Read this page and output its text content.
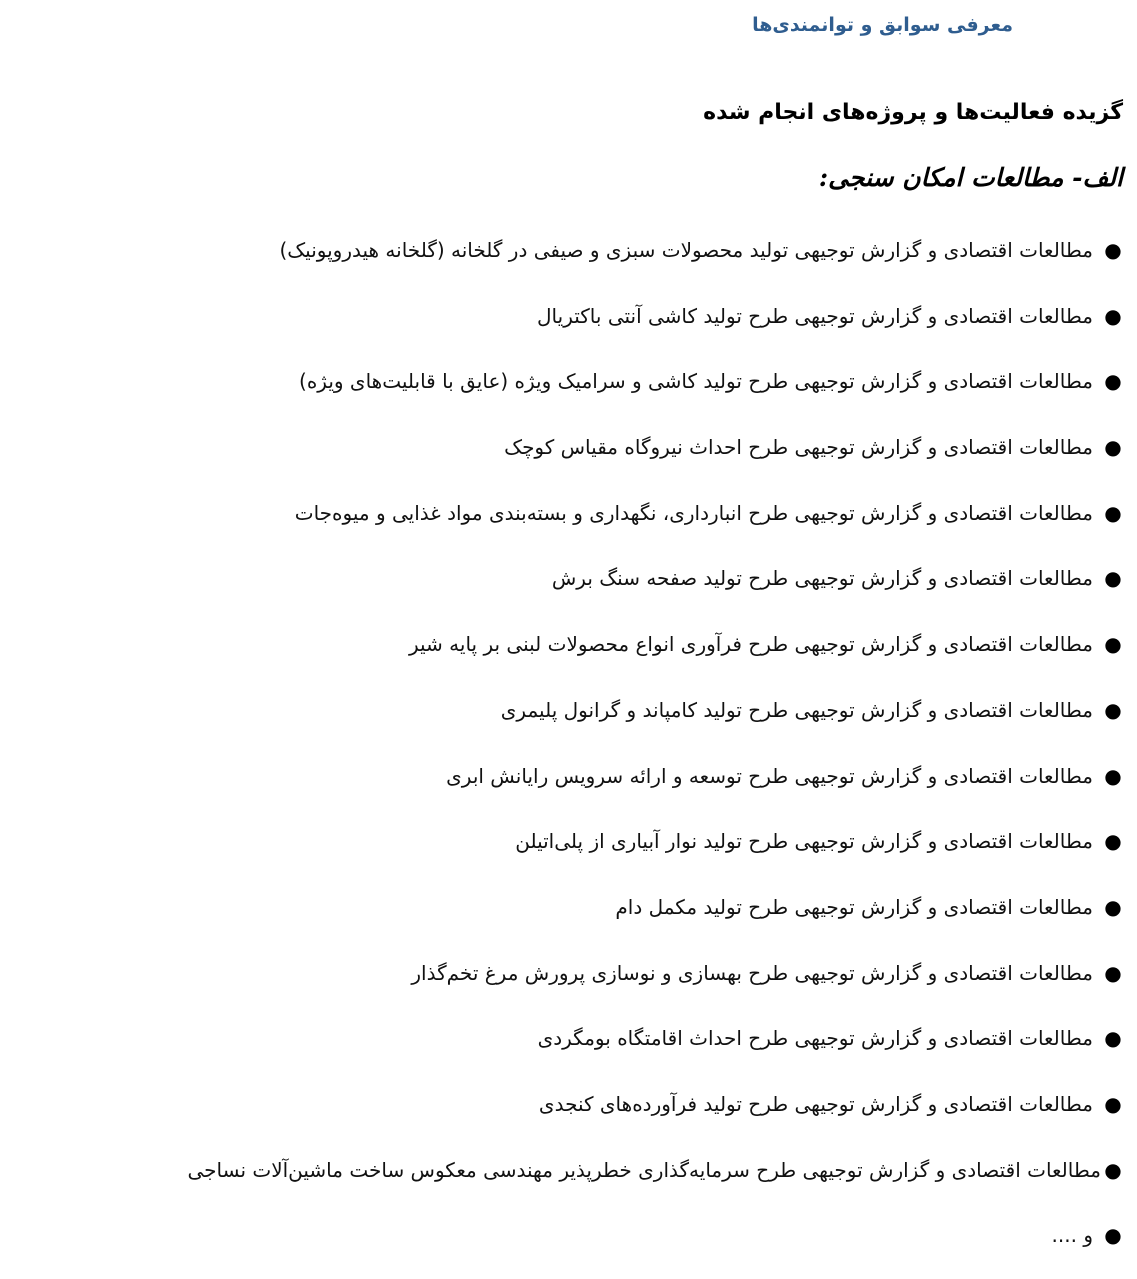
معرفی سوابق و توانمندی‌ها
گزیده فعالیت‌ها و پروژه‌های انجام شده
الف- مطالعات امکان سنجی:
●
مطالعات اقتصادی و گزارش توجیهی تولید محصولات سبزی و صیفی در گلخانه (گلخانه هیدروپونیک)
●
مطالعات اقتصادی و گزارش توجیهی طرح تولید کاشی آنتی باکتریال
●
مطالعات اقتصادی و گزارش توجیهی طرح تولید کاشی و سرامیک ویژه (عایق با قابلیت‌های ویژه)
●
مطالعات اقتصادی و گزارش توجیهی طرح احداث نیروگاه مقیاس کوچک
●
مطالعات اقتصادی و گزارش توجیهی طرح انبارداری، نگهداری و بسته‌بندی مواد غذایی و میوه‌جات
●
مطالعات اقتصادی و گزارش توجیهی طرح تولید صفحه سنگ برش
●
مطالعات اقتصادی و گزارش توجیهی طرح فرآوری انواع محصولات لبنی بر پایه شیر
●
مطالعات اقتصادی و گزارش توجیهی طرح تولید کامپاند و گرانول پلیمری
●
مطالعات اقتصادی و گزارش توجیهی طرح توسعه و ارائه سرویس رایانش ابری
●
مطالعات اقتصادی و گزارش توجیهی طرح تولید نوار آبیاری از پلی‌اتیلن
●
مطالعات اقتصادی و گزارش توجیهی طرح تولید مکمل دام
●
مطالعات اقتصادی و گزارش توجیهی طرح بهسازی و نوسازی پرورش مرغ تخم‌گذار
●
مطالعات اقتصادی و گزارش توجیهی طرح احداث اقامتگاه بومگردی
●
مطالعات اقتصادی و گزارش توجیهی طرح تولید فرآورده‌های کنجدی
●
مطالعات اقتصادی و گزارش توجیهی طرح سرمایه‌گذاری خطرپذیر مهندسی معکوس ساخت ماشین‌آلات نساجی
●
و ....
